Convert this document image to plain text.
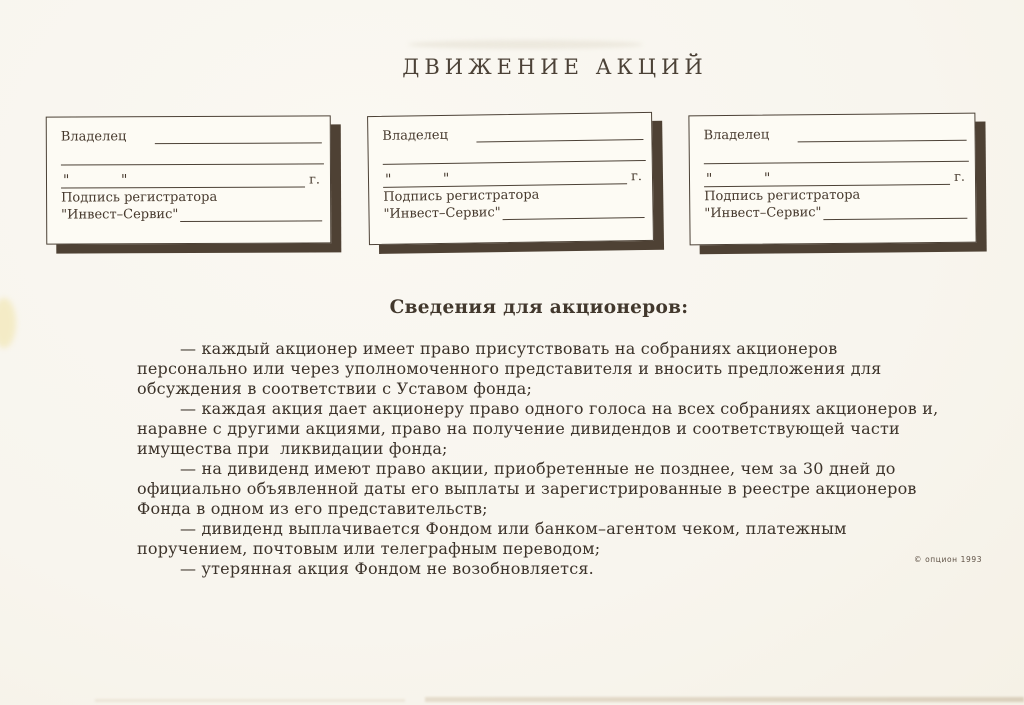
ДВИЖЕНИЕ АКЦИЙ
Владелец
"	"	г.
Подпись регистратора
"Инвест–Сервис"
Владелец
"	"	г.
Подпись регистратора
"Инвест–Сервис"
Владелец
"	"	г.
Подпись регистратора
"Инвест–Сервис"
Сведения для акционеров:
— каждый акционер имеет право присутствовать на собраниях акционеров
персонально или через уполномоченного представителя и вносить предложения для
обсуждения в соответствии с Уставом фонда;
— каждая акция дает акционеру право одного голоса на всех собраниях акционеров и,
наравне с другими акциями, право на получение дивидендов и соответствующей части
имущества при  ликвидации фонда;
— на дивиденд имеют право акции, приобретенные не позднее, чем за 30 дней до
официально объявленной даты его выплаты и зарегистрированные в реестре акционеров
Фонда в одном из его представительств;
— дивиденд выплачивается Фондом или банком–агентом чеком, платежным
поручением, почтовым или телеграфным переводом;
— утерянная акция Фондом не возобновляется.	© опцион 1993
